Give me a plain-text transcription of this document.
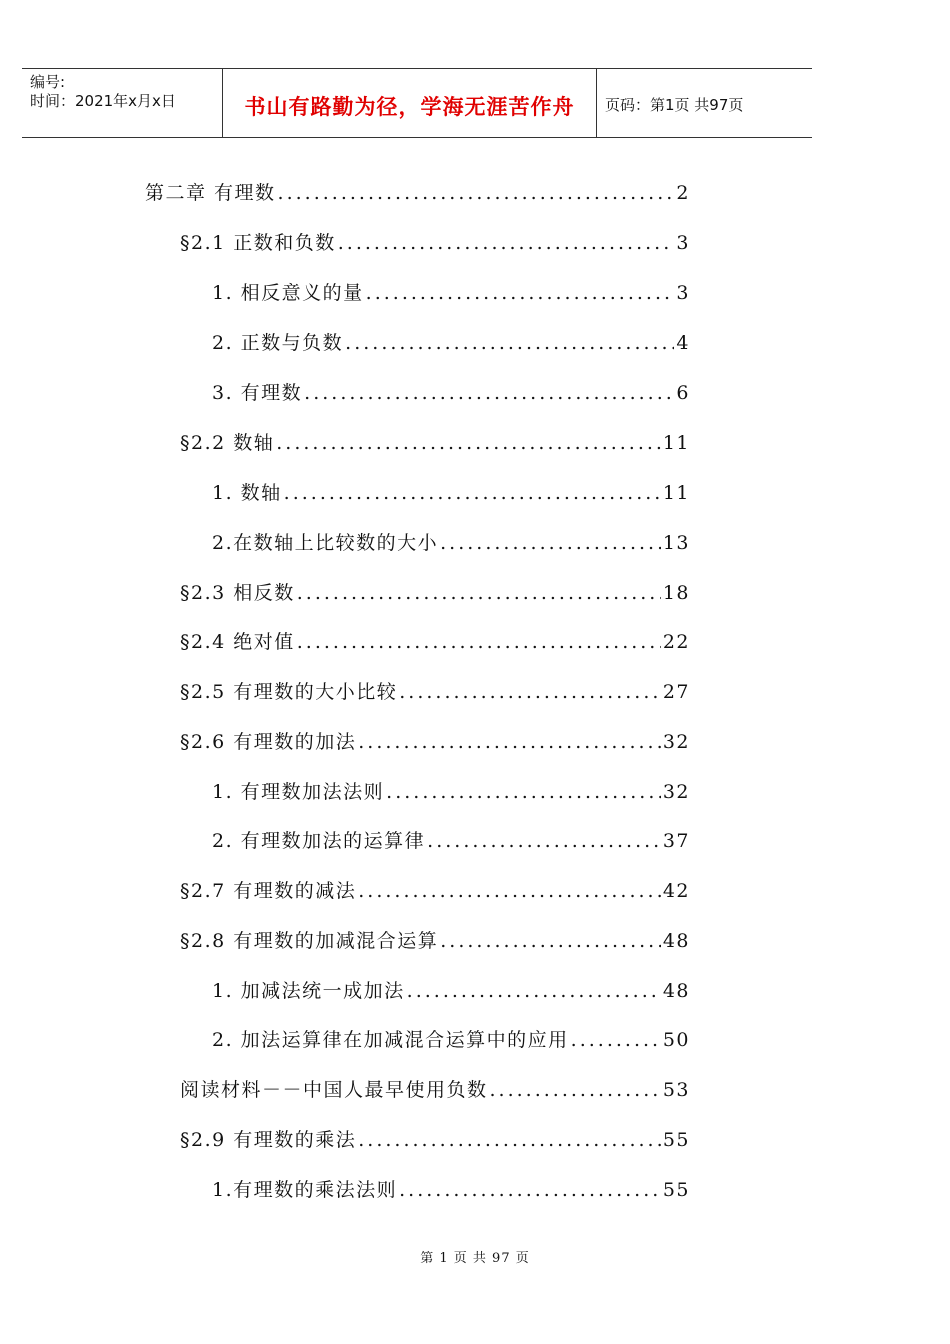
编号:
时间：2021年x月x日	书山有路勤为径，学海无涯苦作舟	页码：第1页 共97页
第二章 有理数 .....	2
§2.1 正数和负数 .....	3
1. 相反意义的量 .....	3
2. 正数与负数 .....	4
3. 有理数 .....	6
§2.2 数轴 .....	11
1. 数轴 .....	11
2.在数轴上比较数的大小 .....	13
§2.3 相反数 .....	18
§2.4 绝对值 .....	22
§2.5 有理数的大小比较 .....	27
§2.6 有理数的加法 .....	32
1. 有理数加法法则 .....	32
2. 有理数加法的运算律 .....	37
§2.7 有理数的减法 .....	42
§2.8 有理数的加减混合运算 .....	48
1. 加减法统一成加法 .....	48
2. 加法运算律在加减混合运算中的应用 .....	50
阅读材料－－中国人最早使用负数 .....	53
§2.9 有理数的乘法 .....	55
1.有理数的乘法法则 .....	55
第 1 页 共 97 页
